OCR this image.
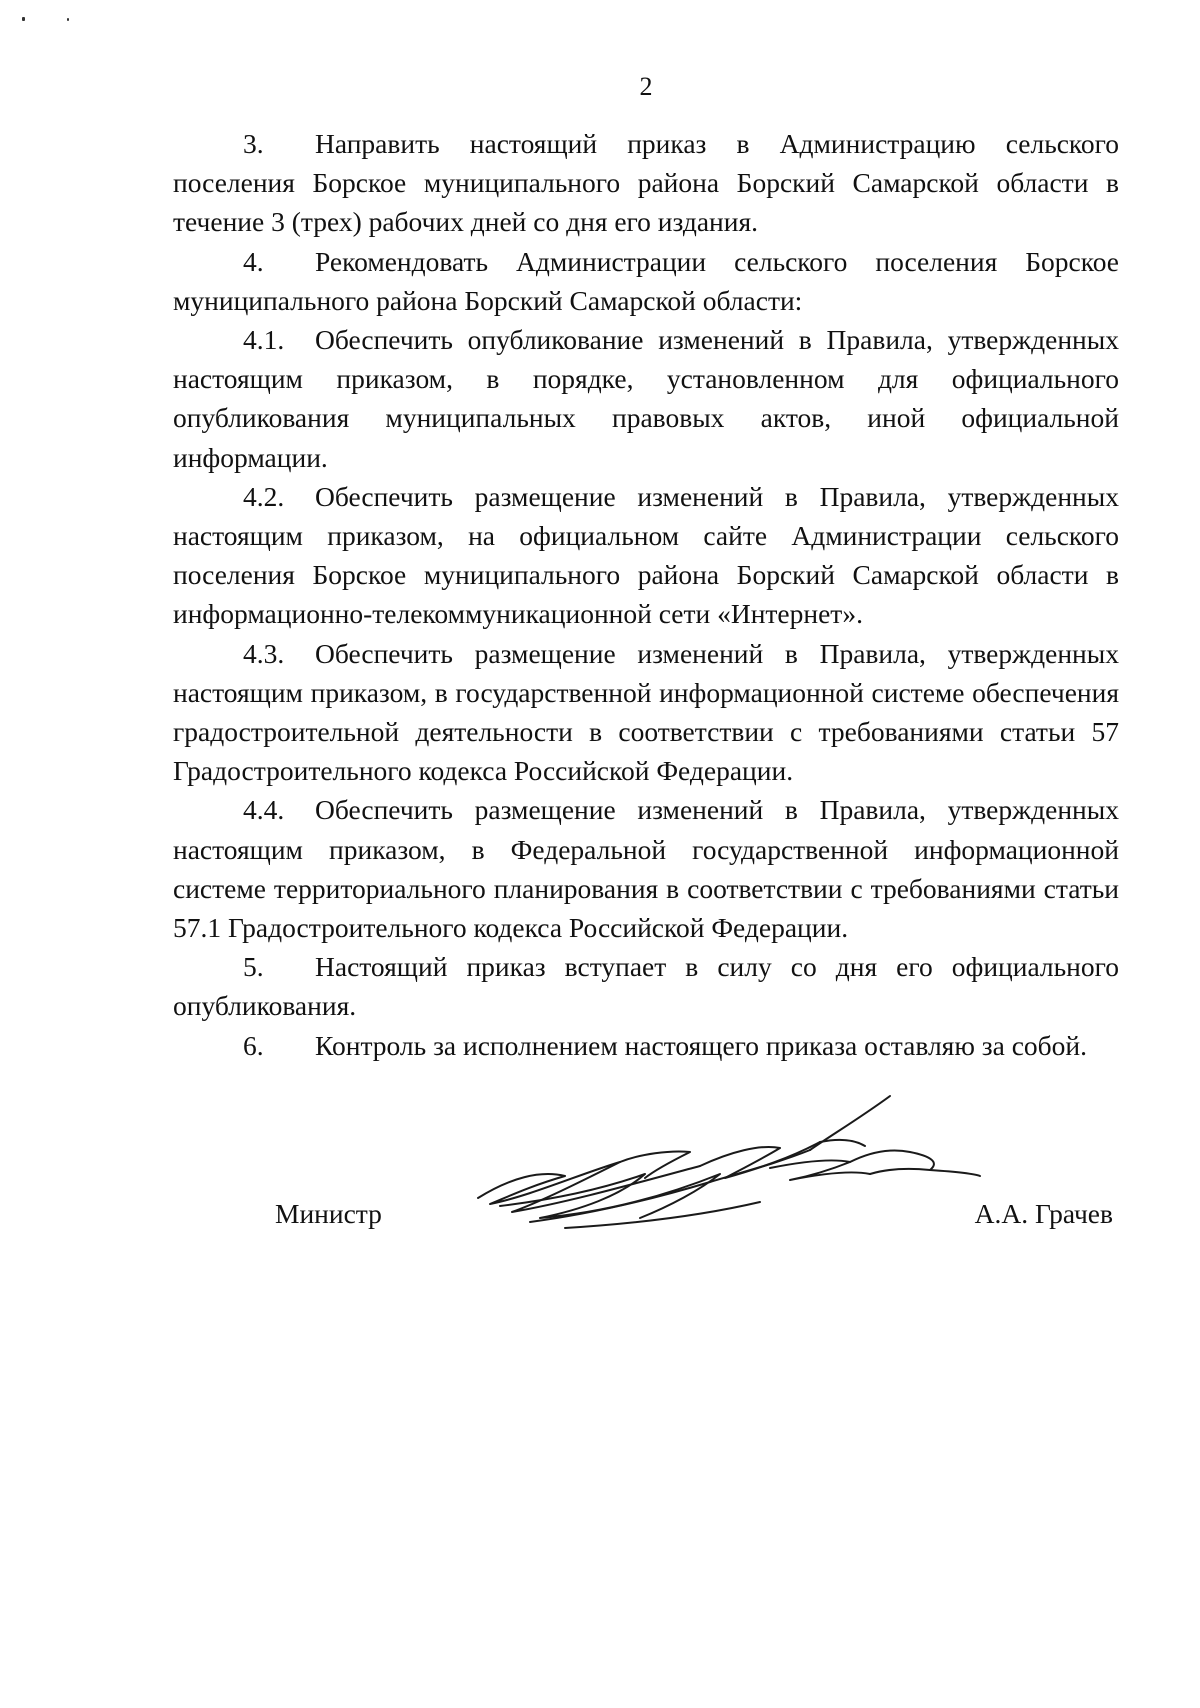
2

3. Направить настоящий приказ в Администрацию сельского поселения Борское муниципального района Борский Самарской области в течение 3 (трех) рабочих дней со дня его издания.

4. Рекомендовать Администрации сельского поселения Борское муниципального района Борский Самарской области:

4.1. Обеспечить опубликование изменений в Правила, утвержденных настоящим приказом, в порядке, установленном для официального опубликования муниципальных правовых актов, иной официальной информации.

4.2. Обеспечить размещение изменений в Правила, утвержденных настоящим приказом, на официальном сайте Администрации сельского поселения Борское муниципального района Борский Самарской области в информационно-телекоммуникационной сети «Интернет».

4.3. Обеспечить размещение изменений в Правила, утвержденных настоящим приказом, в государственной информационной системе обеспечения градостроительной деятельности в соответствии с требованиями статьи 57 Градостроительного кодекса Российской Федерации.

4.4. Обеспечить размещение изменений в Правила, утвержденных настоящим приказом, в Федеральной государственной информационной системе территориального планирования в соответствии с требованиями статьи 57.1 Градостроительного кодекса Российской Федерации.

5. Настоящий приказ вступает в силу со дня его официального опубликования.

6. Контроль за исполнением настоящего приказа оставляю за собой.

Министр	А.А. Грачев
